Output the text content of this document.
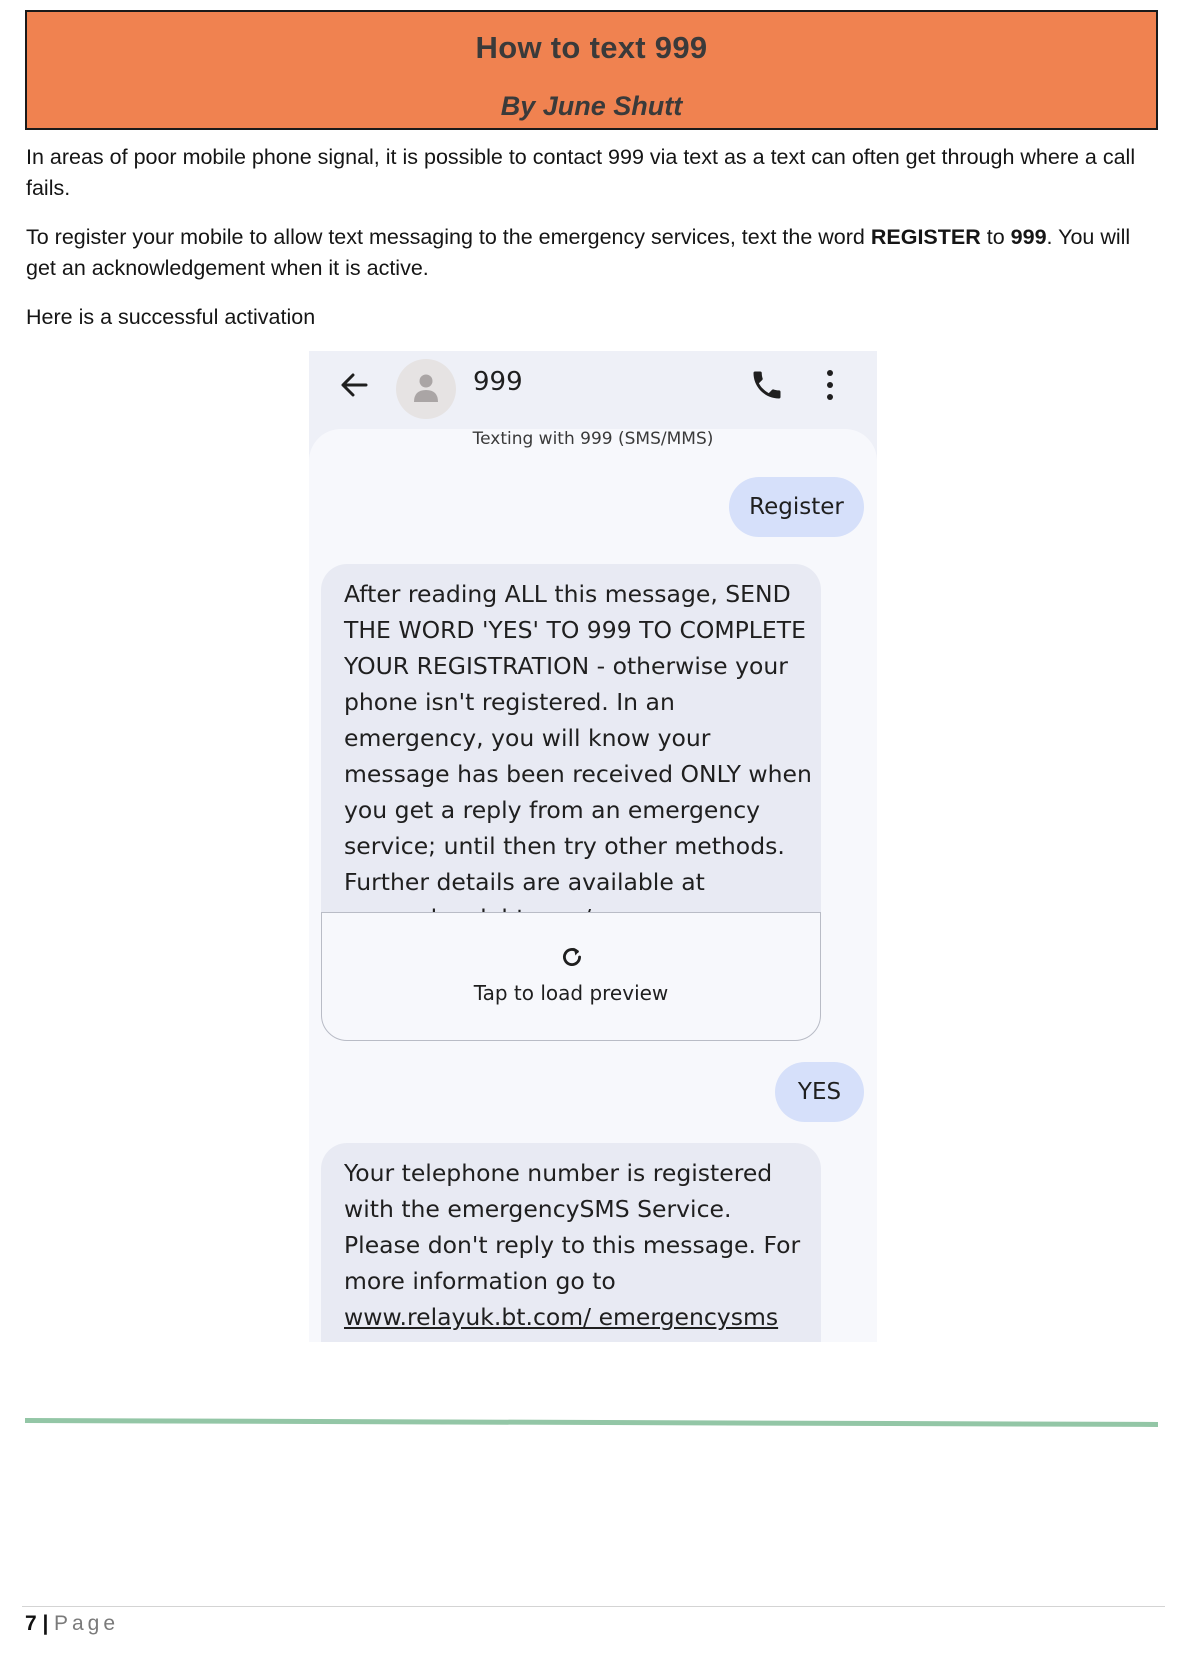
How to text 999
By June Shutt

In areas of poor mobile phone signal, it is possible to contact 999 via text as a text can often get through where a call fails.

To register your mobile to allow text messaging to the emergency services, text the word REGISTER to 999. You will get an acknowledgement when it is active.

Here is a successful activation

999
Texting with 999 (SMS/MMS)
Register

After reading ALL this message, SEND THE WORD 'YES' TO 999 TO COMPLETE YOUR REGISTRATION - otherwise your phone isn't registered. In an emergency, you will know your message has been received ONLY when you get a reply from an emergency service; until then try other methods. Further details are available at

Tap to load preview
YES

Your telephone number is registered with the emergencySMS Service. Please don't reply to this message. For more information go to www.relayuk.bt.com/ emergencysms

7 | Page
